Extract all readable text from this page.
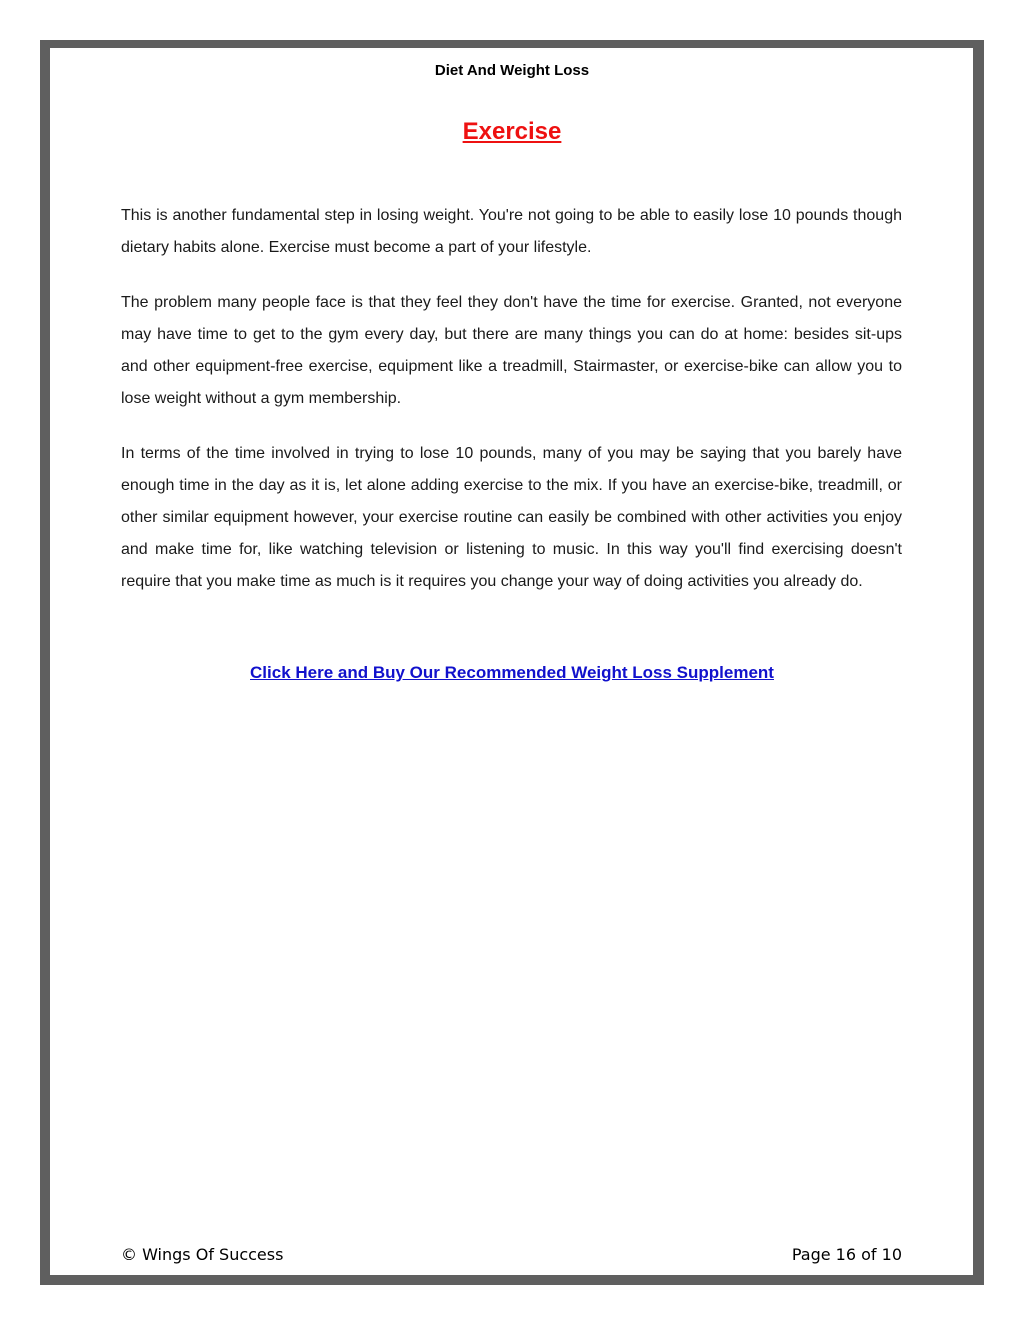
Diet And Weight Loss
Exercise

This is another fundamental step in losing weight. You're not going to be able to easily lose 10 pounds though dietary habits alone. Exercise must become a part of your lifestyle.

The problem many people face is that they feel they don't have the time for exercise. Granted, not everyone may have time to get to the gym every day, but there are many things you can do at home: besides sit-ups and other equipment-free exercise, equipment like a treadmill, Stairmaster, or exercise-bike can allow you to lose weight without a gym membership.

In terms of the time involved in trying to lose 10 pounds, many of you may be saying that you barely have enough time in the day as it is, let alone adding exercise to the mix. If you have an exercise-bike, treadmill, or other similar equipment however, your exercise routine can easily be combined with other activities you enjoy and make time for, like watching television or listening to music. In this way you'll find exercising doesn't require that you make time as much is it requires you change your way of doing activities you already do.

Click Here and Buy Our Recommended Weight Loss Supplement
© Wings Of Success	Page 16 of 10
